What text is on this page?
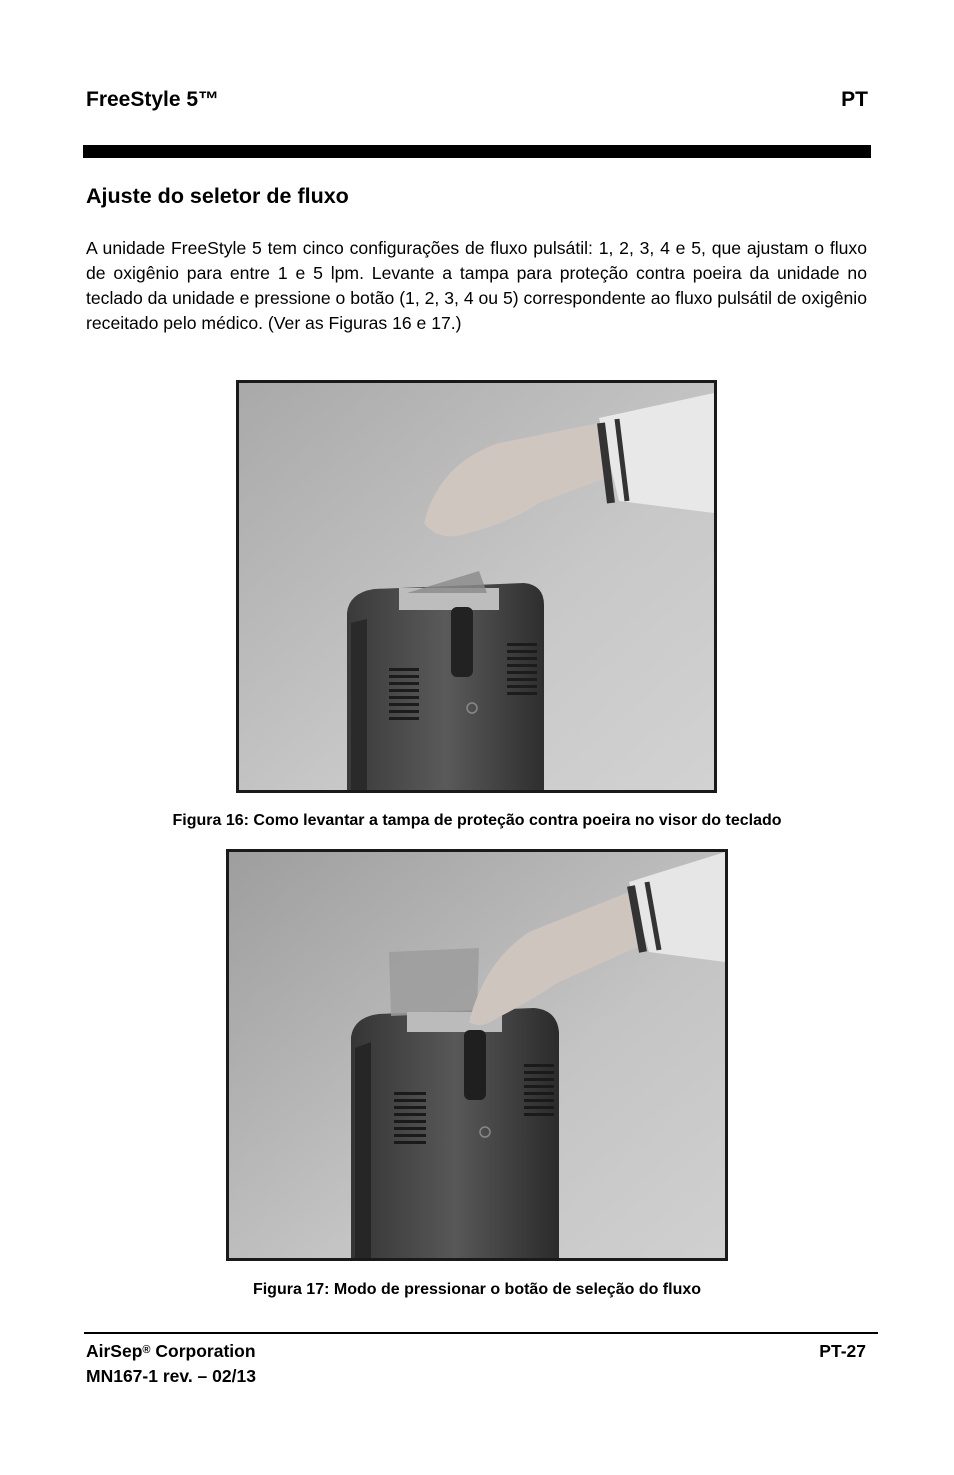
FreeStyle 5™	PT
Ajuste do seletor de fluxo
A unidade FreeStyle 5 tem cinco configurações de fluxo pulsátil: 1, 2, 3, 4 e 5, que ajustam o fluxo de oxigênio para entre 1 e 5 lpm. Levante a tampa para proteção contra poeira da unidade no teclado da unidade e pressione o botão (1, 2, 3, 4 ou 5) correspondente ao fluxo pulsátil de oxigênio receitado pelo médico. (Ver as Figuras 16 e 17.)
Figura 16: Como levantar a tampa de proteção contra poeira no visor do teclado
Figura 17: Modo de pressionar o botão de seleção do fluxo
AirSep® Corporation
MN167-1 rev. – 02/13
PT-27
